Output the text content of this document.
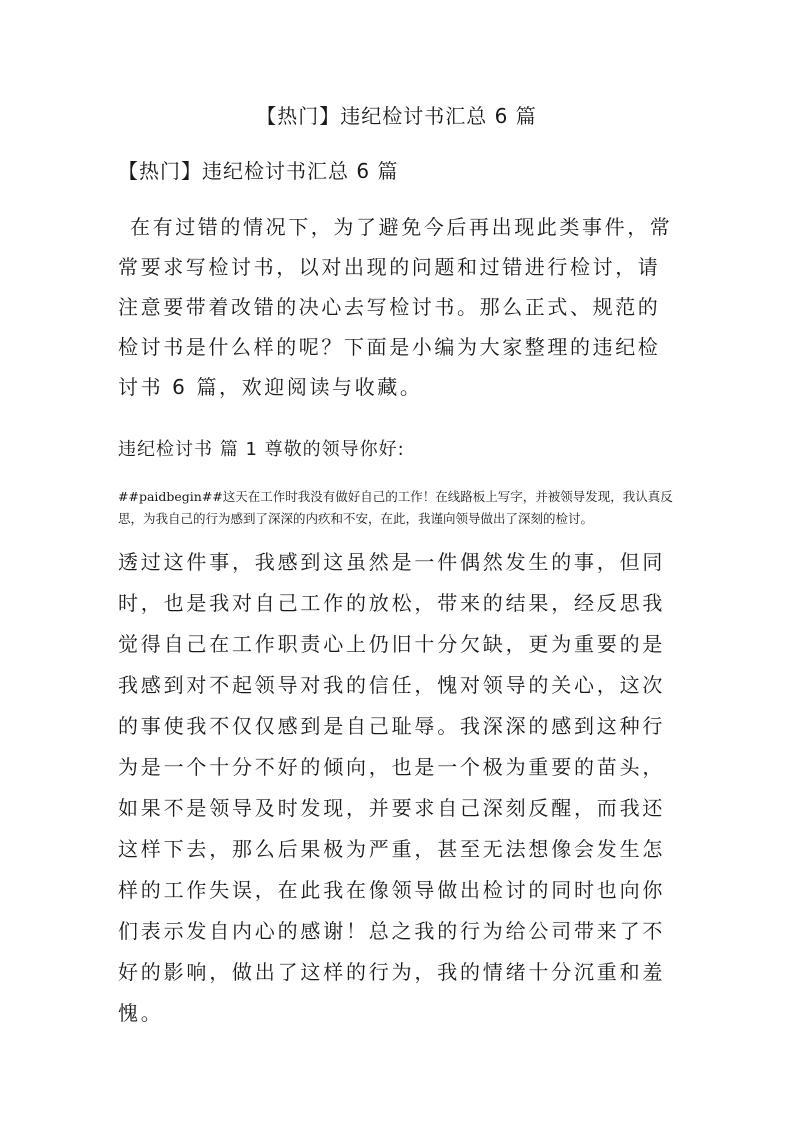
【热门】违纪检讨书汇总 6 篇
【热门】违纪检讨书汇总 6 篇

在有过错的情况下，为了避免今后再出现此类事件，常常要求写检讨书，以对出现的问题和过错进行检讨，请注意要带着改错的决心去写检讨书。那么正式、规范的检讨书是什么样的呢？下面是小编为大家整理的违纪检讨书 6 篇，欢迎阅读与收藏。

违纪检讨书 篇 1 尊敬的领导你好:

##paidbegin##这天在工作时我没有做好自己的工作！在线路板上写字，并被领导发现，我认真反思，为我自己的行为感到了深深的内疚和不安，在此，我谨向领导做出了深刻的检讨。

透过这件事，我感到这虽然是一件偶然发生的事，但同时，也是我对自己工作的放松，带来的结果，经反思我觉得自己在工作职责心上仍旧十分欠缺，更为重要的是我感到对不起领导对我的信任，愧对领导的关心，这次的事使我不仅仅感到是自己耻辱。我深深的感到这种行为是一个十分不好的倾向，也是一个极为重要的苗头，如果不是领导及时发现，并要求自己深刻反醒，而我还这样下去，那么后果极为严重，甚至无法想像会发生怎样的工作失误，在此我在像领导做出检讨的同时也向你们表示发自内心的感谢！总之我的行为给公司带来了不好的影响，做出了这样的行为，我的情绪十分沉重和羞愧。
